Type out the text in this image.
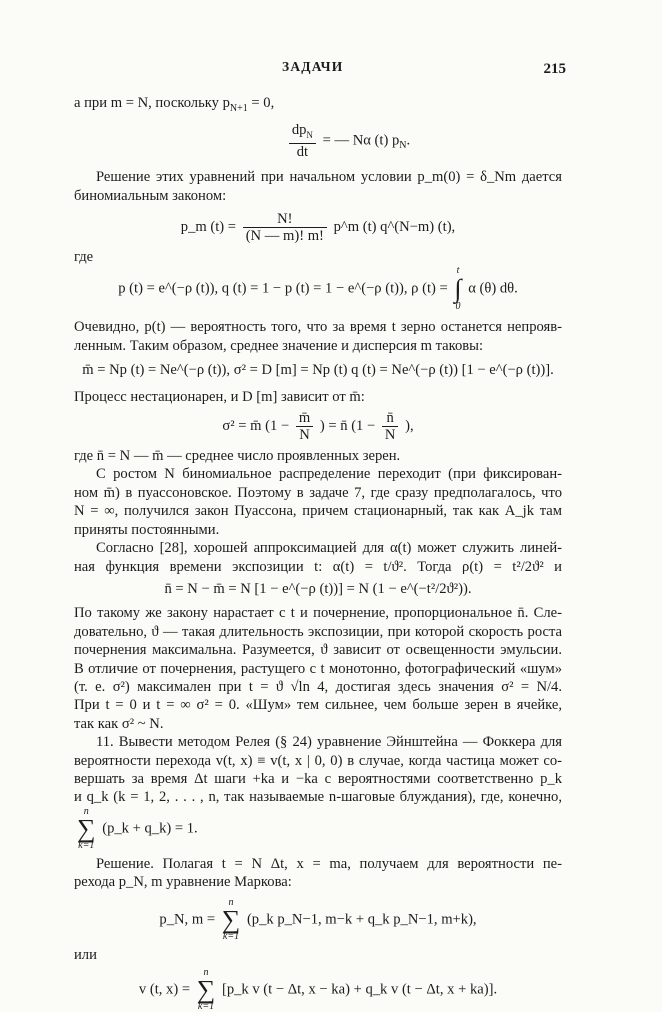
ЗАДАЧИ	215
а при m = N, поскольку $p_{N+1} = 0$,
$\frac{dp_N}{dt}$ = — Nα (t) $p_N$.
Решение этих уравнений при начальном условии p_m(0) = δ_Nm дается
биномиальным законом:
p_m $(t) = \frac{N!}{(N — m)! m!}$ p^m (t) q^(N−m) (t),
где
p (t) = e^(−ρ (t)), q (t) = 1 − p (t) = 1 − e^(−ρ (t)), ρ (t) =
t
∫
0
α (θ) dθ.
Очевидно, p(t) — вероятность того, что за время t зерно останется непрояв-
ленным. Таким образом, среднее значение и дисперсия m таковы:
m̄ = Np (t) = Ne^(−ρ (t)), σ² = D [m] = Np (t) q (t) = Ne^(−ρ (t)) [1 − e^(−ρ (t))].
Процесс нестационарен, и D [m] зависит от m̄:
σ² = m̄ ($1 - \frac{m̄}{N}$ ) = n̄ ($1 - \frac{n̄}{N}$ ),
где n̄ = N — m̄ — среднее число проявленных зерен.
С ростом N биномиальное распределение переходит (при фиксирован-
ном m̄) в пуассоновское. Поэтому в задаче 7, где сразу предполагалось, что
N = ∞, получился закон Пуассона, причем стационарный, так как A_jk там
приняты постоянными.
Согласно [28], хорошей аппроксимацией для α(t) может служить линей-
ная функция времени экспозиции t: α(t) = t/ϑ². Тогда ρ(t) = t²/2ϑ² и
n̄ = N − m̄ = N [1 − e^(−ρ (t))] = N (1 − e^(−t²/2ϑ²)).
По такому же закону нарастает с t и почернение, пропорциональное n̄. Сле-
довательно, ϑ — такая длительность экспозиции, при которой скорость роста
почернения максимальна. Разумеется, ϑ зависит от освещенности эмульсии.
В отличие от почернения, растущего с t монотонно, фотографический «шум»
(т. е. σ²) максимален при t = ϑ √ln 4, достигая здесь значения σ² = N/4.
При t = 0 и t = ∞ σ² = 0. «Шум» тем сильнее, чем больше зерен в ячейке,
так как σ² ~ N.
11. Вывести методом Релея (§ 24) уравнение Эйнштейна — Фоккера для
вероятности перехода v(t, x) ≡ v(t, x | 0, 0) в случае, когда частица может со-
вершать за время Δt шаги +ka и −ka с вероятностями соответственно p_k
и q_k (k = 1, 2, . . . , n, так называемые n-шаговые блуждания), где, конечно,
n
∑
k=1
(p_k + q_k) = 1.
Решение. Полагая t = N Δt, x = ma, получаем для вероятности пе-
рехода p_N, m уравнение Маркова:
p_N, m =
n
∑
k=1
(p_k p_N−1, m−k + q_k p_N−1, m+k),
или
v (t, x) =
n
∑
k=1
[p_k v (t − Δt, x − ka) + q_k v (t − Δt, x + ka)].
